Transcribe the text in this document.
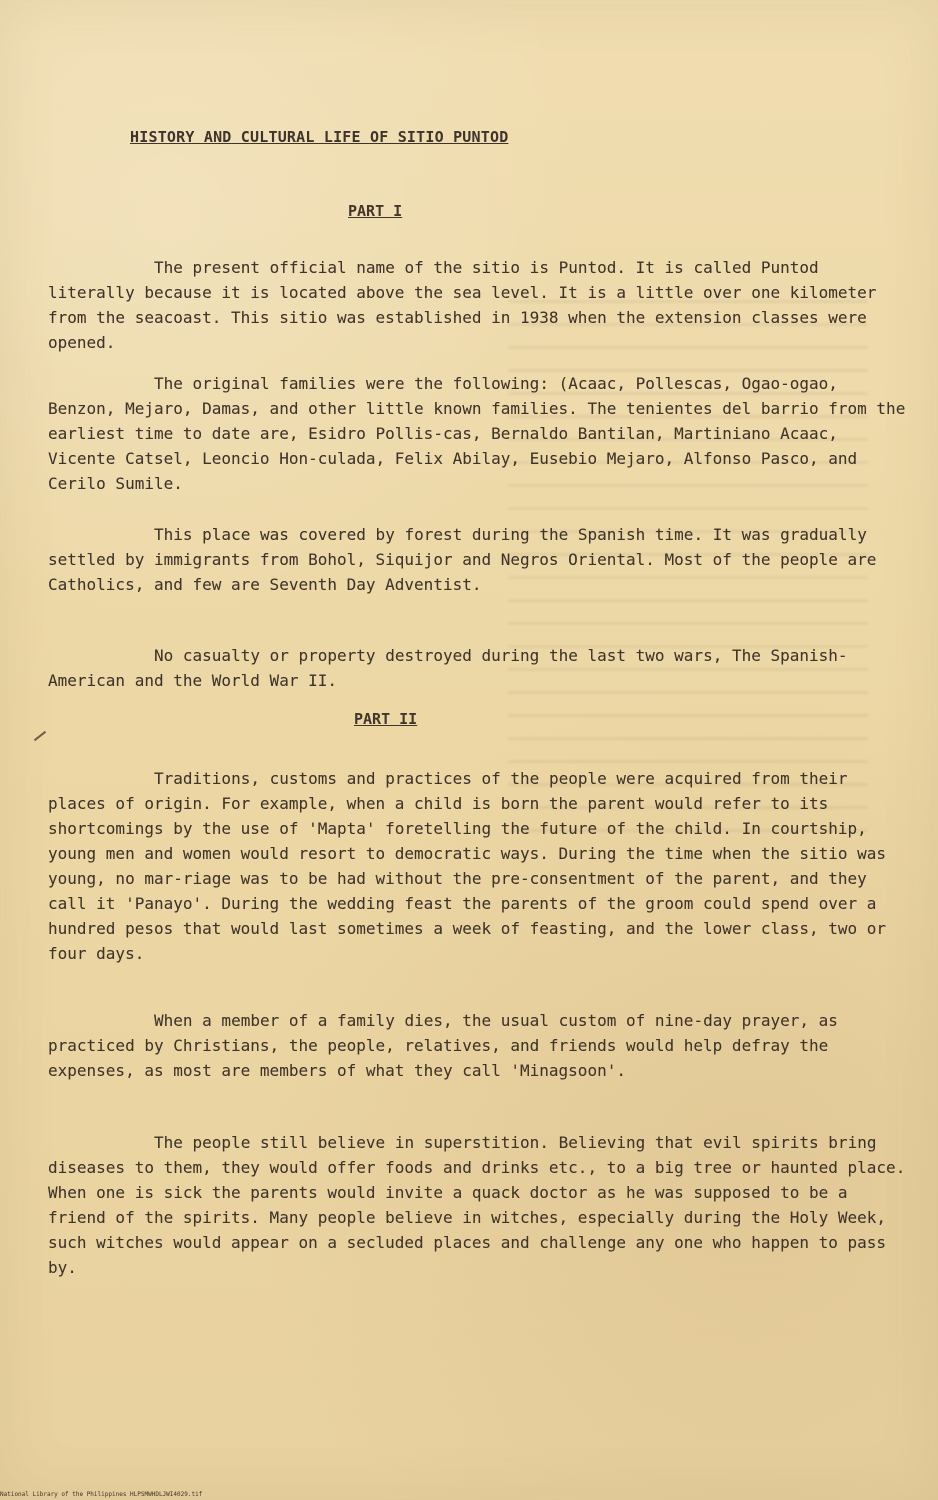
HISTORY AND CULTURAL LIFE OF SITIO PUNTOD
PART I
The present official name of the sitio is Puntod. It is called Puntod literally because it is located above the sea level. It is a little over one kilometer from the seacoast. This sitio was established in 1938 when the extension classes were opened.
The original families were the following: (Acaac, Pollescas, Ogao-ogao, Benzon, Mejaro, Damas, and other little known families. The tenientes del barrio from the earliest time to date are, Esidro Pollis-cas, Bernaldo Bantilan, Martiniano Acaac, Vicente Catsel, Leoncio Hon-culada, Felix Abilay, Eusebio Mejaro, Alfonso Pasco, and Cerilo Sumile.
This place was covered by forest during the Spanish time. It was gradually settled by immigrants from Bohol, Siquijor and Negros Oriental. Most of the people are Catholics, and few are Seventh Day Adventist.
No casualty or property destroyed during the last two wars, The Spanish-American and the World War II.
PART II
Traditions, customs and practices of the people were acquired from their places of origin. For example, when a child is born the parent would refer to its shortcomings by the use of 'Mapta' foretelling the future of the child. In courtship, young men and women would resort to democratic ways. During the time when the sitio was young, no mar-riage was to be had without the pre-consentment of the parent, and they call it 'Panayo'. During the wedding feast the parents of the groom could spend over a hundred pesos that would last sometimes a week of feasting, and the lower class, two or four days.
When a member of a family dies, the usual custom of nine-day prayer, as practiced by Christians, the people, relatives, and friends would help defray the expenses, as most are members of what they call 'Minagsoon'.
The people still believe in superstition. Believing that evil spirits bring diseases to them, they would offer foods and drinks etc., to a big tree or haunted place. When one is sick the parents would invite a quack doctor as he was supposed to be a friend of the spirits. Many people believe in witches, especially during the Holy Week, such witches would appear on a secluded places and challenge any one who happen to pass by.
National Library of the Philippines HLPSMWHDLJWI4029.tif
